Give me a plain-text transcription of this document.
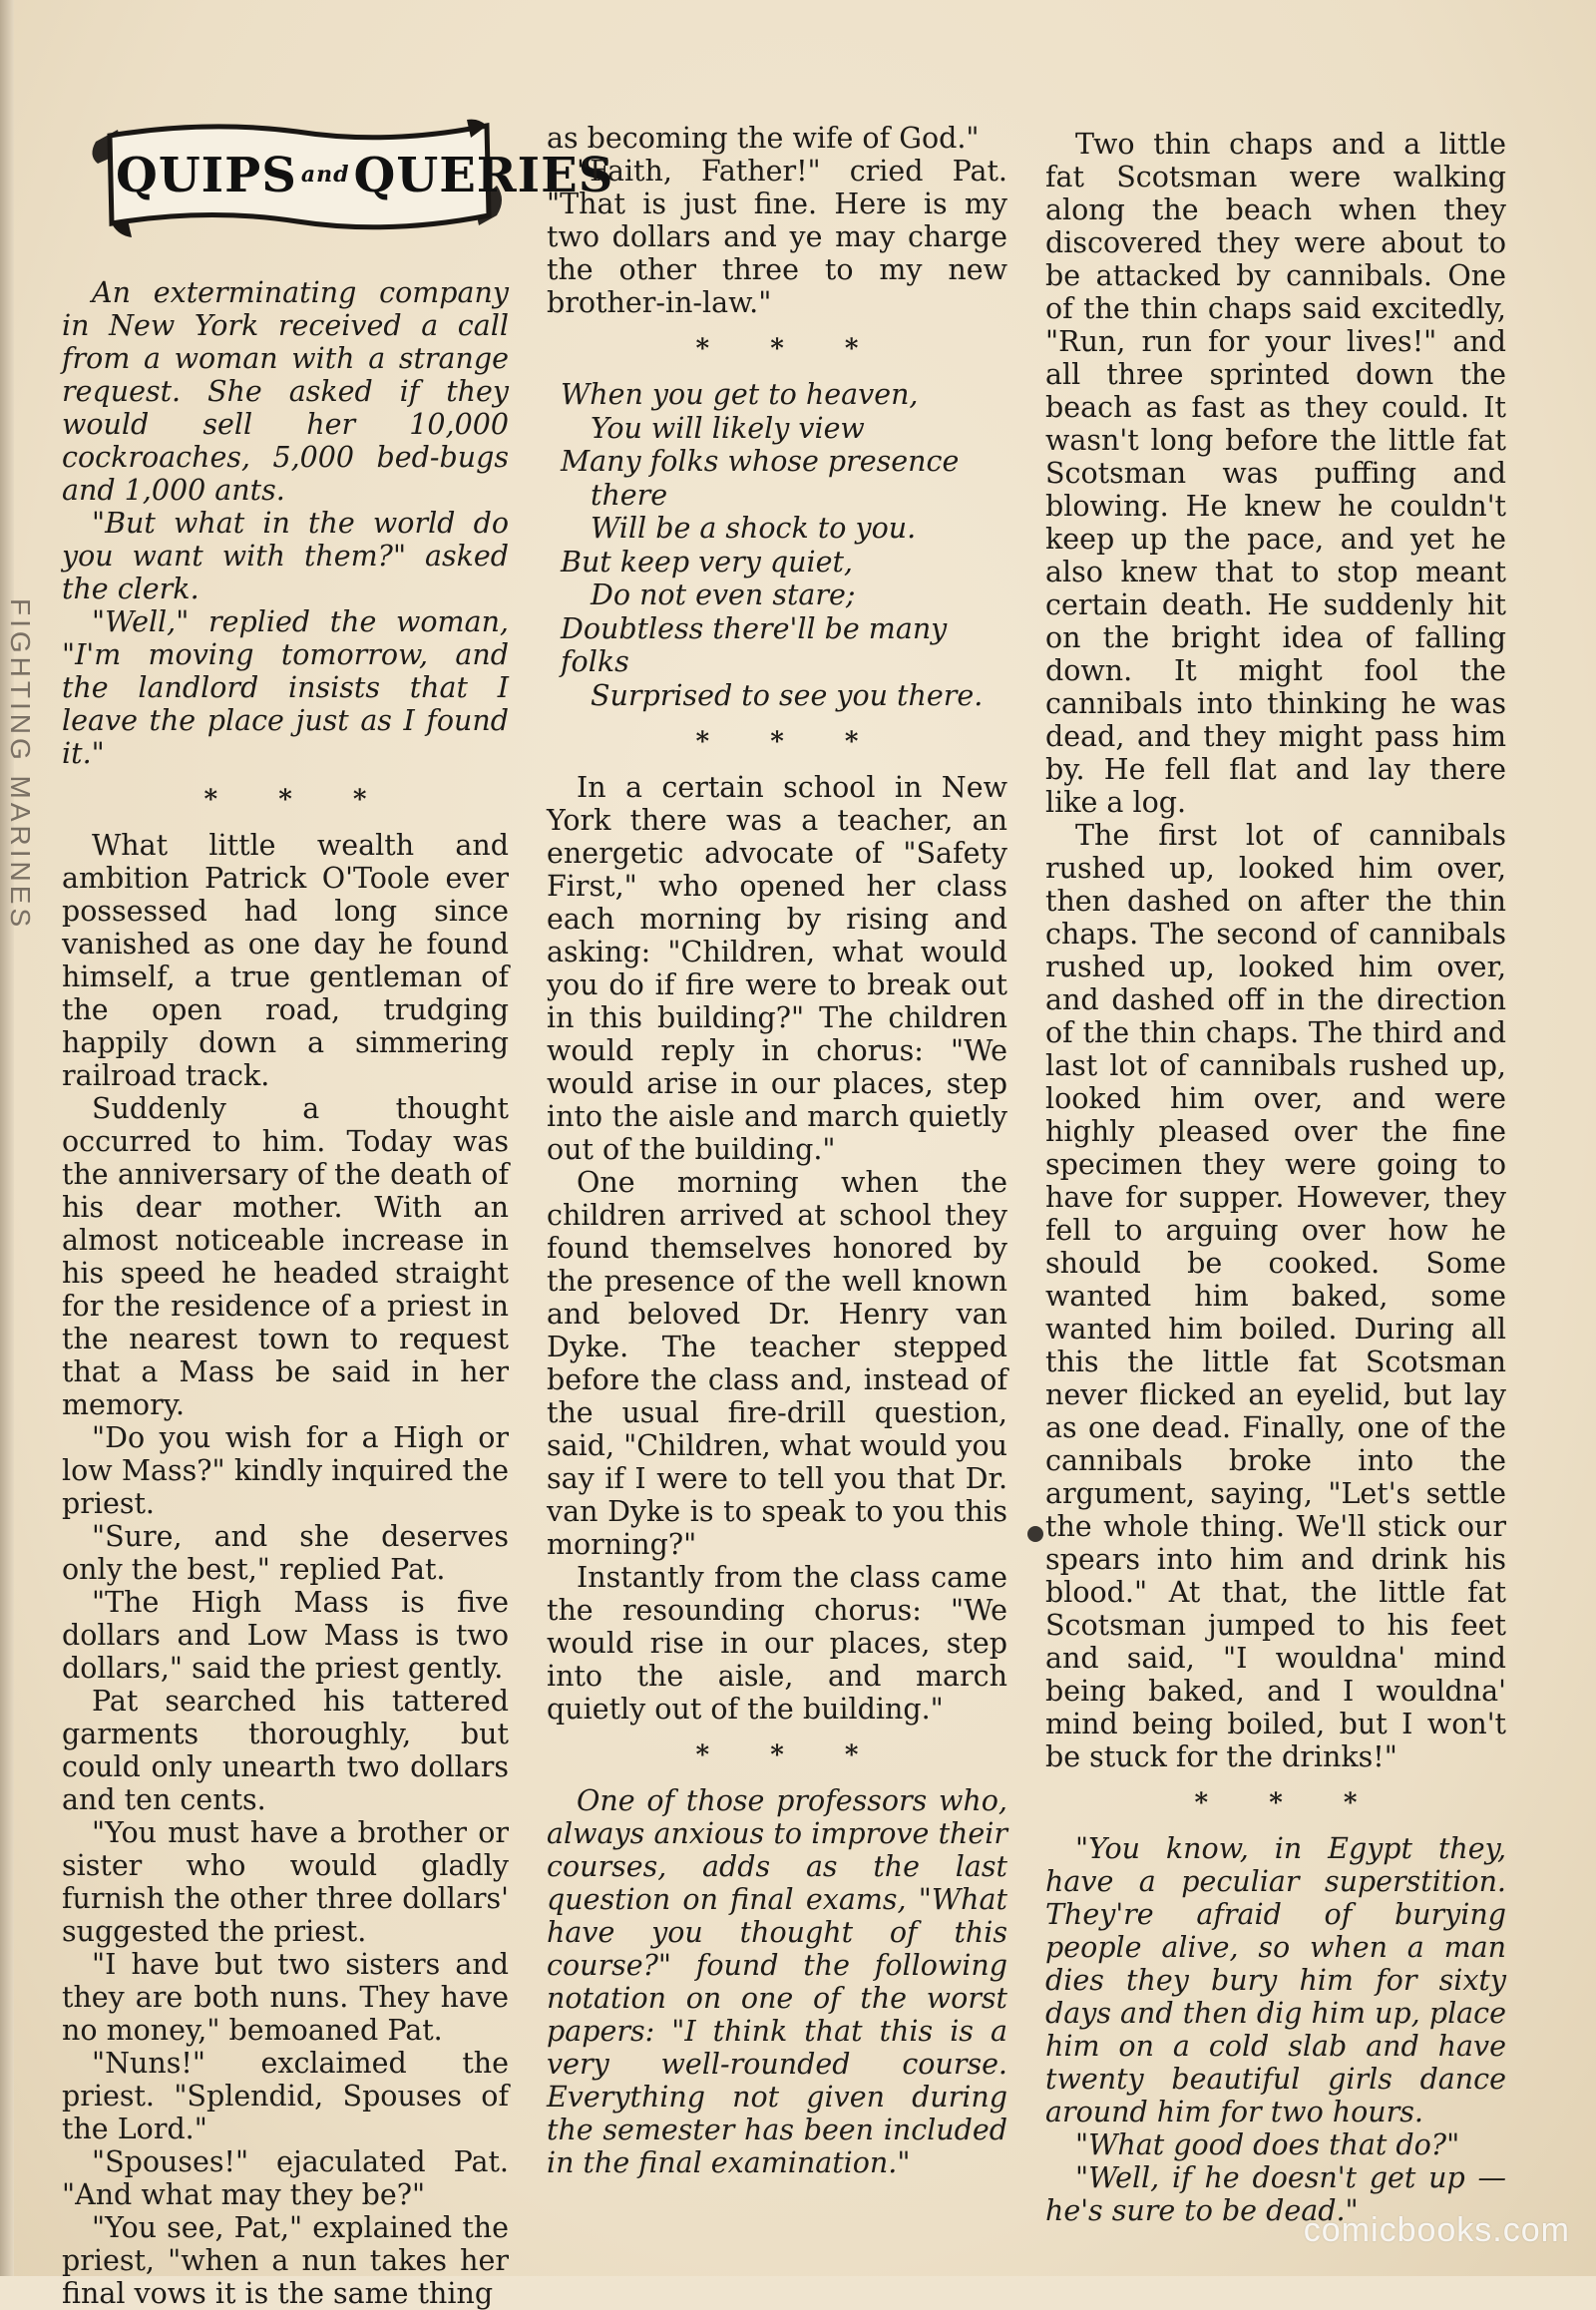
FIGHTING MARINES
QUIPS $^{and}$QUERIES

An exterminating company in New York received a call from a woman with a strange request. She asked if they would sell her 10,000 cockroaches, 5,000 bed-bugs and 1,000 ants.

"But what in the world do you want with them?" asked the clerk.

"Well," replied the woman, "I'm moving tomorrow, and the landlord insists that I leave the place just as I found it."

* * *

What little wealth and ambition Patrick O'Toole ever possessed had long since vanished as one day he found himself, a true gentleman of the open road, trudging happily down a simmering railroad track.

Suddenly a thought occurred to him. Today was the anniversary of the death of his dear mother. With an almost noticeable increase in his speed he headed straight for the residence of a priest in the nearest town to request that a Mass be said in her memory.

"Do you wish for a High or low Mass?" kindly inquired the priest.

"Sure, and she deserves only the best," replied Pat.

"The High Mass is five dollars and Low Mass is two dollars," said the priest gently.

Pat searched his tattered garments thoroughly, but could only unearth two dollars and ten cents.

"You must have a brother or sister who would gladly furnish the other three dollars' suggested the priest.

"I have but two sisters and they are both nuns. They have no money," bemoaned Pat.

"Nuns!" exclaimed the priest. "Splendid, Spouses of the Lord."

"Spouses!" ejaculated Pat. "And what may they be?"

"You see, Pat," explained the priest, "when a nun takes her final vows it is the same thing

as becoming the wife of God."

"Faith, Father!" cried Pat. "That is just fine. Here is my two dollars and ye may charge the other three to my new brother-in-law."

* * *
When you get to heaven,
You will likely view
Many folks whose presence
there
Will be a shock to you.
But keep very quiet,
Do not even stare;
Doubtless there'll be many folks
Surprised to see you there.
* * *

In a certain school in New York there was a teacher, an energetic advocate of "Safety First," who opened her class each morning by rising and asking: "Children, what would you do if fire were to break out in this building?" The children would reply in chorus: "We would arise in our places, step into the aisle and march quietly out of the building."

One morning when the children arrived at school they found themselves honored by the presence of the well known and beloved Dr. Henry van Dyke. The teacher stepped before the class and, instead of the usual fire-drill question, said, "Children, what would you say if I were to tell you that Dr. van Dyke is to speak to you this morning?"

Instantly from the class came the resounding chorus: "We would rise in our places, step into the aisle, and march quietly out of the building."

* * *

One of those professors who, always anxious to improve their courses, adds as the last question on final exams, "What have you thought of this course?" found the following notation on one of the worst papers: "I think that this is a very well-rounded course. Everything not given during the semester has been included in the final examination."

Two thin chaps and a little fat Scotsman were walking along the beach when they discovered they were about to be attacked by cannibals. One of the thin chaps said excitedly, "Run, run for your lives!" and all three sprinted down the beach as fast as they could. It wasn't long before the little fat Scotsman was puffing and blowing. He knew he couldn't keep up the pace, and yet he also knew that to stop meant certain death. He suddenly hit on the bright idea of falling down. It might fool the cannibals into thinking he was dead, and they might pass him by. He fell flat and lay there like a log.

The first lot of cannibals rushed up, looked him over, then dashed on after the thin chaps. The second of cannibals rushed up, looked him over, and dashed off in the direction of the thin chaps. The third and last lot of cannibals rushed up, looked him over, and were highly pleased over the fine specimen they were going to have for supper. However, they fell to arguing over how he should be cooked. Some wanted him baked, some wanted him boiled. During all this the little fat Scotsman never flicked an eyelid, but lay as one dead. Finally, one of the cannibals broke into the argument, saying, "Let's settle the whole thing. We'll stick our spears into him and drink his blood." At that, the little fat Scotsman jumped to his feet and said, "I wouldna' mind being baked, and I wouldna' mind being boiled, but I won't be stuck for the drinks!"

* * *

"You know, in Egypt they, have a peculiar superstition. They're afraid of burying people alive, so when a man dies they bury him for sixty days and then dig him up, place him on a cold slab and have twenty beautiful girls dance around him for two hours.

"What good does that do?"

"Well, if he doesn't get up — he's sure to be dead."

comicbooks.com
